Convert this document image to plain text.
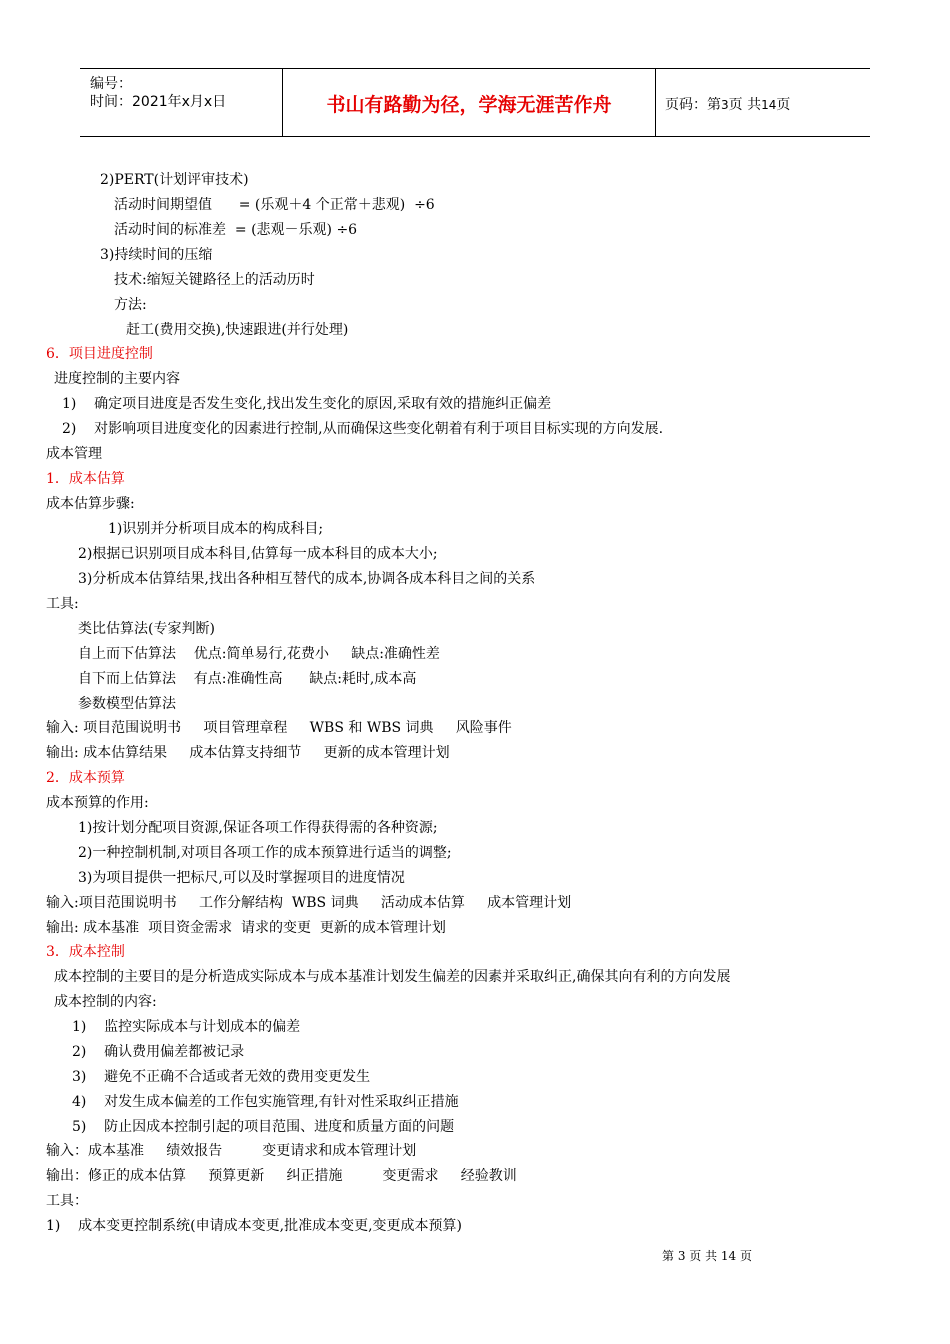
编号：
时间：2021年x月x日	书山有路勤为径，学海无涯苦作舟	页码：第3页 共14页
2)PERT(计划评审技术)
活动时间期望值      = (乐观＋4 个正常＋悲观)  ÷6
活动时间的标准差  = (悲观－乐观) ÷6
3)持续时间的压缩
技术:缩短关键路径上的活动历时
方法:
赶工(费用交换),快速跟进(并行处理)
6．项目进度控制
进度控制的主要内容
1)    确定项目进度是否发生变化,找出发生变化的原因,采取有效的措施纠正偏差
2)    对影响项目进度变化的因素进行控制,从而确保这些变化朝着有利于项目目标实现的方向发展.
成本管理
1．成本估算
成本估算步骤:
1)识别并分析项目成本的构成科目;
2)根据已识别项目成本科目,估算每一成本科目的成本大小;
3)分析成本估算结果,找出各种相互替代的成本,协调各成本科目之间的关系
工具:
类比估算法(专家判断)
自上而下估算法    优点:简单易行,花费小     缺点:准确性差
自下而上估算法    有点:准确性高      缺点:耗时,成本高
参数模型估算法
输入: 项目范围说明书     项目管理章程     WBS 和 WBS 词典     风险事件
输出: 成本估算结果     成本估算支持细节     更新的成本管理计划
2．成本预算
成本预算的作用:
1)按计划分配项目资源,保证各项工作得获得需的各种资源;
2)一种控制机制,对项目各项工作的成本预算进行适当的调整;
3)为项目提供一把标尺,可以及时掌握项目的进度情况
输入:项目范围说明书     工作分解结构  WBS 词典     活动成本估算     成本管理计划
输出: 成本基准  项目资金需求  请求的变更  更新的成本管理计划
3．成本控制
成本控制的主要目的是分析造成实际成本与成本基准计划发生偏差的因素并采取纠正,确保其向有利的方向发展
成本控制的内容:
1)    监控实际成本与计划成本的偏差
2)    确认费用偏差都被记录
3)    避免不正确不合适或者无效的费用变更发生
4)    对发生成本偏差的工作包实施管理,有针对性采取纠正措施
5)    防止因成本控制引起的项目范围、进度和质量方面的问题
输入：成本基准     绩效报告         变更请求和成本管理计划
输出：修正的成本估算     预算更新     纠正措施         变更需求     经验教训
工具：
1)    成本变更控制系统(申请成本变更,批准成本变更,变更成本预算)
第 3 页 共 14 页
